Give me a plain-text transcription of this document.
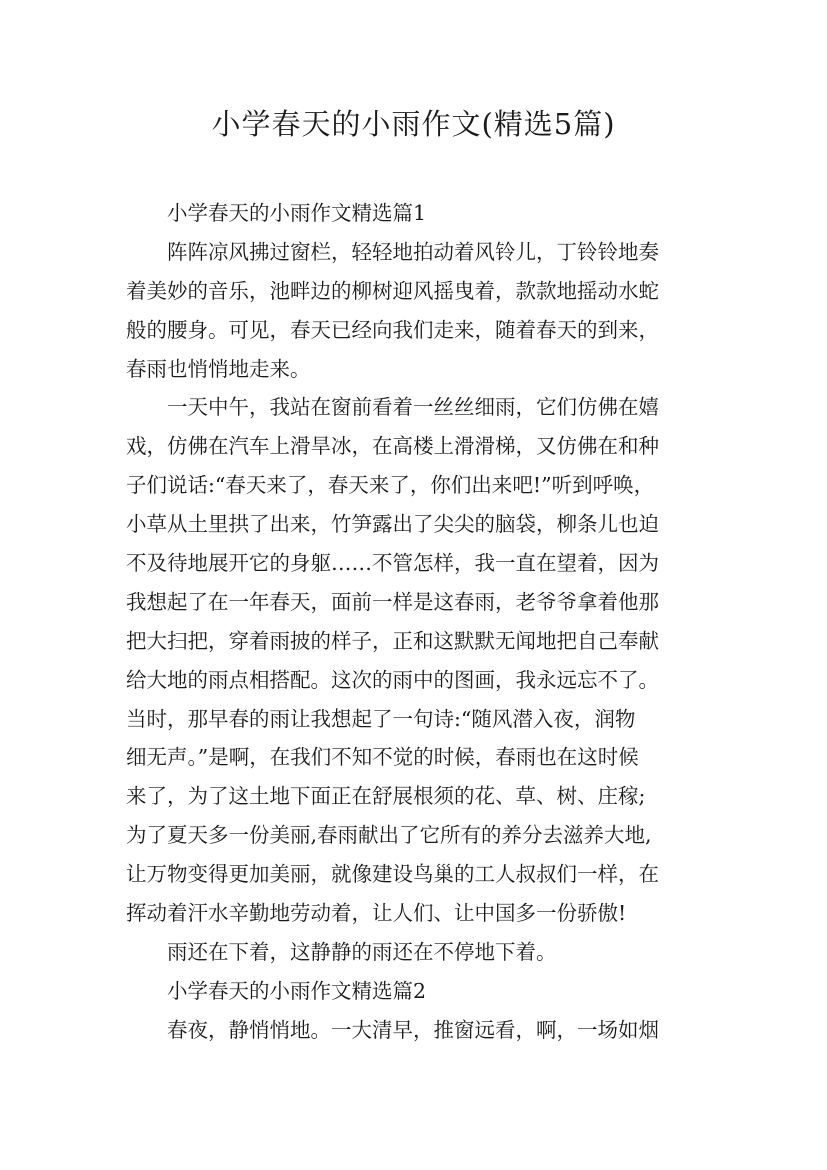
小学春天的小雨作文(精选5篇)
小学春天的小雨作文精选篇1
阵阵凉风拂过窗栏，轻轻地拍动着风铃儿，丁铃铃地奏
着美妙的音乐，池畔边的柳树迎风摇曳着，款款地摇动水蛇
般的腰身。可见，春天已经向我们走来，随着春天的到来，
春雨也悄悄地走来。
一天中午，我站在窗前看着一丝丝细雨，它们仿佛在嬉
戏，仿佛在汽车上滑旱冰，在高楼上滑滑梯，又仿佛在和种
子们说话:“春天来了，春天来了，你们出来吧!”听到呼唤，
小草从土里拱了出来，竹笋露出了尖尖的脑袋，柳条儿也迫
不及待地展开它的身躯……不管怎样，我一直在望着，因为
我想起了在一年春天，面前一样是这春雨，老爷爷拿着他那
把大扫把，穿着雨披的样子，正和这默默无闻地把自己奉献
给大地的雨点相搭配。这次的雨中的图画，我永远忘不了。
当时，那早春的雨让我想起了一句诗:“随风潜入夜，润物
细无声。”是啊，在我们不知不觉的时候，春雨也在这时候
来了，为了这土地下面正在舒展根须的花、草、树、庄稼;
为了夏天多一份美丽,春雨献出了它所有的养分去滋养大地,
让万物变得更加美丽，就像建设鸟巢的工人叔叔们一样，在
挥动着汗水辛勤地劳动着，让人们、让中国多一份骄傲!
雨还在下着，这静静的雨还在不停地下着。
小学春天的小雨作文精选篇2
春夜，静悄悄地。一大清早，推窗远看，啊，一场如烟
